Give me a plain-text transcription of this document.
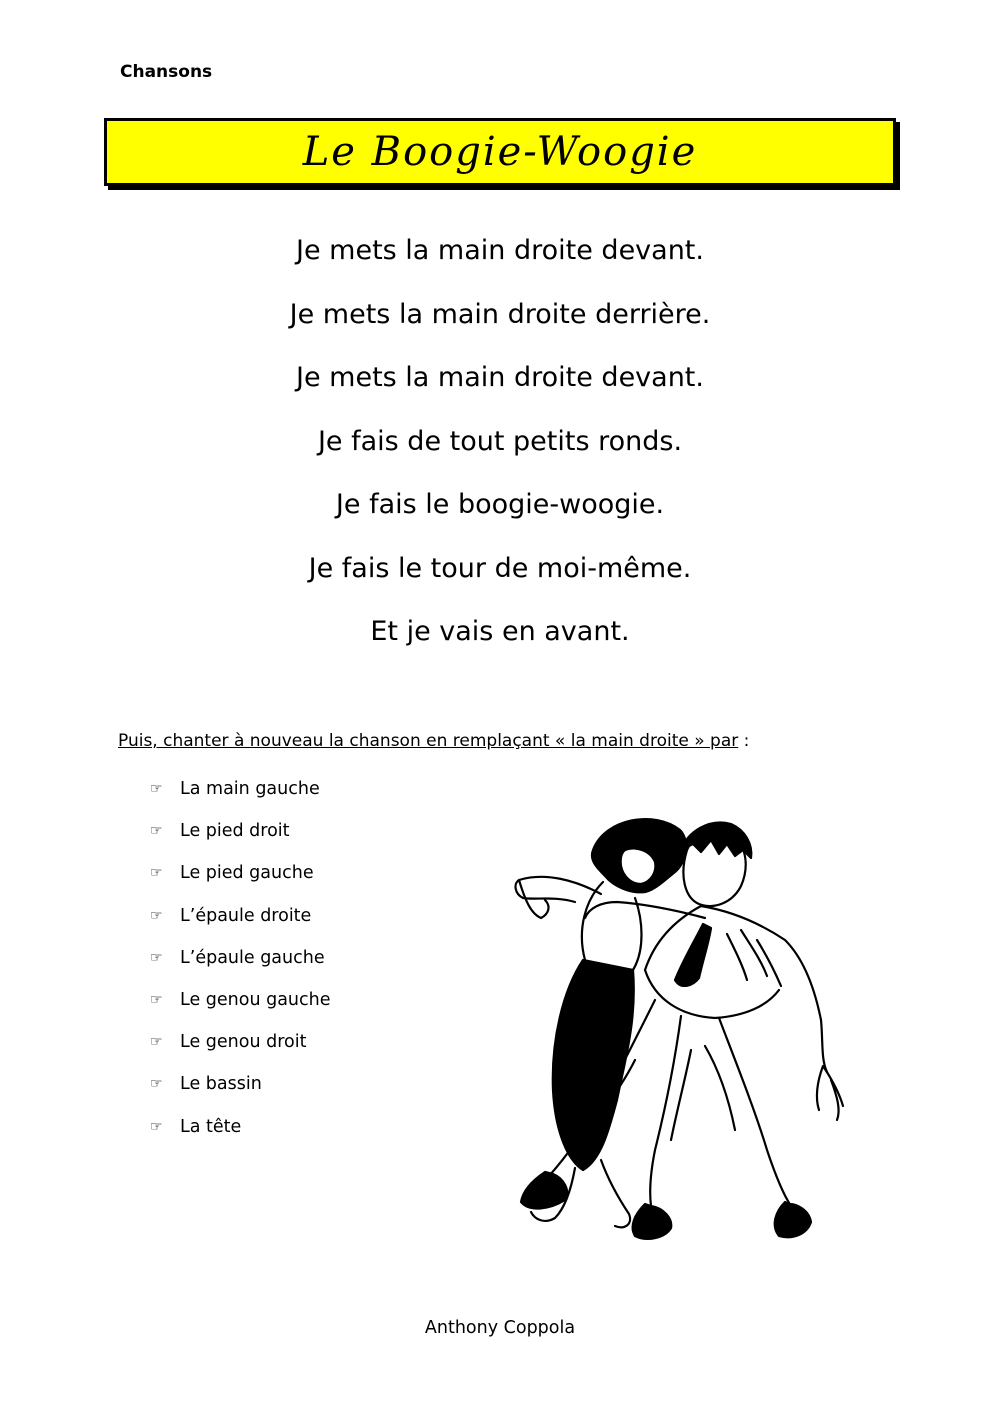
Chansons
Le Boogie-Woogie
Je mets la main droite devant.
Je mets la main droite derrière.
Je mets la main droite devant.
Je fais de tout petits ronds.
Je fais le boogie-woogie.
Je fais le tour de moi-même.
Et je vais en avant.
Puis, chanter à nouveau la chanson en remplaçant « la main droite » par :
☞ La main gauche
☞ Le pied droit
☞ Le pied gauche
☞ L’épaule droite
☞ L’épaule gauche
☞ Le genou gauche
☞ Le genou droit
☞ Le bassin
☞ La tête
Anthony Coppola
